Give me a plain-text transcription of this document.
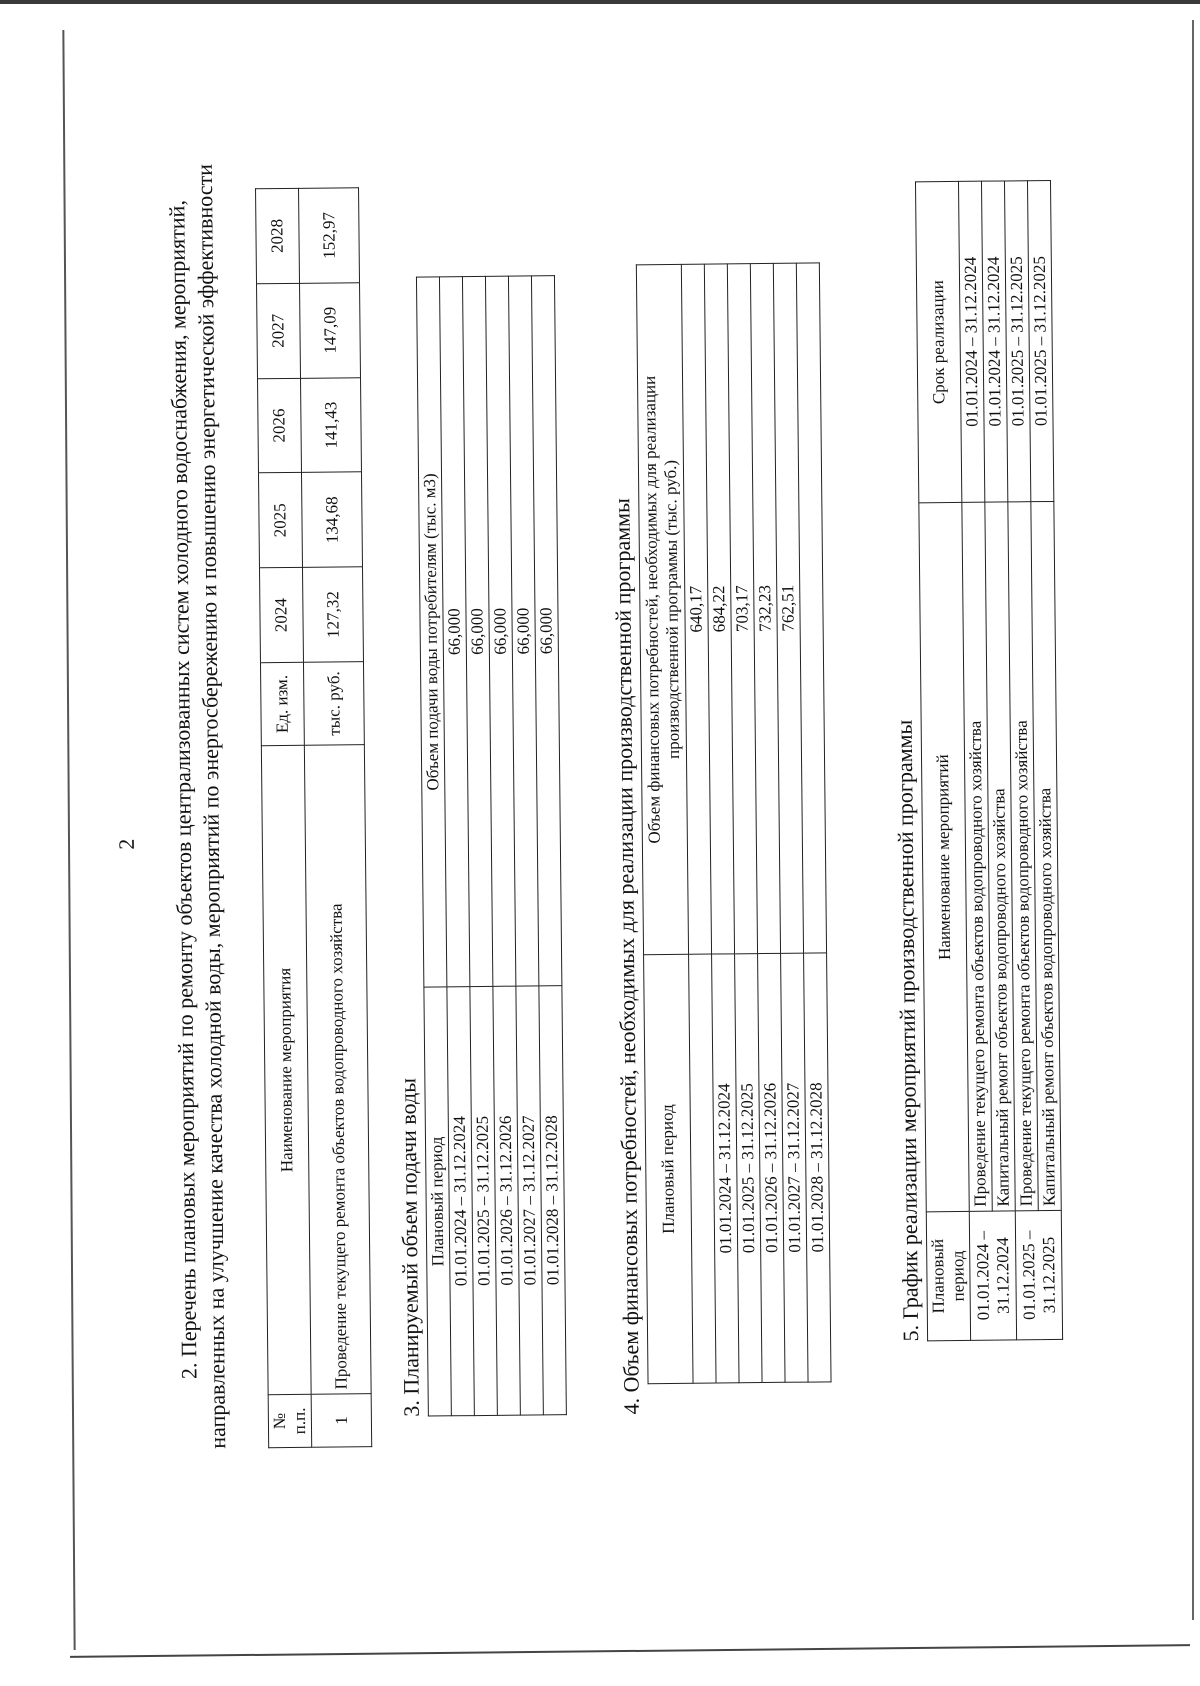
2 2. Перечень плановых мероприятий по ремонту объектов централизованных систем холодного водоснабжения, мероприятий, направленных на улучшение качества холодной воды, мероприятий по энергосбережению и повышению энергетической эффективности № п.п.	Наименование мероприятия	Ед. изм.	2024	2025	2026	2027	2028
1	Проведение текущего ремонта объектов водопроводного хозяйства	тыс. руб.	127,32	134,68	141,43	147,09	152,97
3. Планируемый объем подачи воды Плановый период	Объем подачи воды потребителям (тыс. м3)
01.01.2024 – 31.12.2024	66,000
01.01.2025 – 31.12.2025	66,000
01.01.2026 – 31.12.2026	66,000
01.01.2027 – 31.12.2027	66,000
01.01.2028 – 31.12.2028	66,000 4. Объем финансовых потребностей, необходимых для реализации производственной программы Плановый период	Объем финансовых потребностей, необходимых для реализации производственной программы (тыс. руб.)
	640,17
01.01.2024 – 31.12.2024	684,22
01.01.2025 – 31.12.2025	703,17
01.01.2026 – 31.12.2026	732,23
01.01.2027 – 31.12.2027	762,51
01.01.2028 – 31.12.2028		5. График реализации мероприятий производственной программы Плановый период	Наименование мероприятий	Срок реализации
01.01.2024 – 31.12.2024	Проведение текущего ремонта объектов водопроводного хозяйства	01.01.2024 – 31.12.2024
	Капитальный ремонт объектов водопроводного хозяйства	01.01.2024 – 31.12.2024
01.01.2025 – 31.12.2025	Проведение текущего ремонта объектов водопроводного хозяйства	01.01.2025 – 31.12.2025
	Капитальный ремонт объектов водопроводного хозяйства	01.01.2025 – 31.12.2025
